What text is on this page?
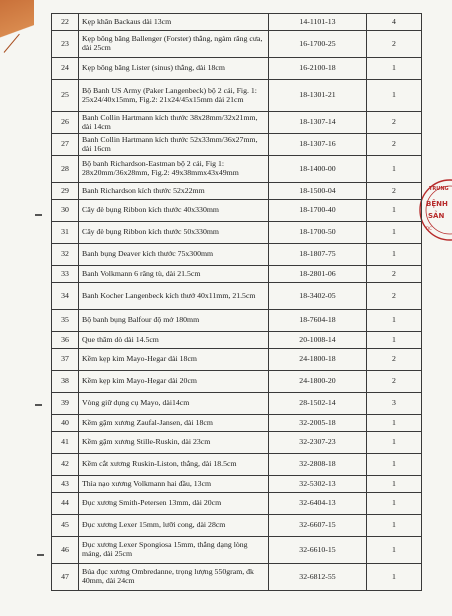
TRUNG
BỆNH
SẢN
DC
22	Kẹp khăn Backaus dài 13cm	14-1101-13	4
23	Kẹp bông băng Ballenger (Forster) thẳng, ngàm răng cưa, dài 25cm	16-1700-25	2
24	Kẹp bông băng Lister (sinus) thẳng, dài 18cm	16-2100-18	1
25	Bộ Banh US Army (Paker Langenbeck) bộ 2 cái, Fig. 1: 25x24/40x15mm, Fig.2: 21x24/45x15mm dài 21cm	18-1301-21	1
26	Banh Collin Hartmann kích thước 38x28mm/32x21mm, dài 14cm	18-1307-14	2
27	Banh Collin Hartmann kích thước 52x33mm/36x27mm, dài 16cm	18-1307-16	2
28	Bộ banh Richardson-Eastman bộ 2 cái, Fig 1: 28x20mm/36x28mm, Fig.2: 49x38mmx43x49mm	18-1400-00	1
29	Banh Richardson kích thước 52x22mm	18-1500-04	2
30	Cây đè bụng Ribbon kích thước 40x330mm	18-1700-40	1
31	Cây đè bụng Ribbon kích thước 50x330mm	18-1700-50	1
32	Banh bụng Deaver kích thước 75x300mm	18-1807-75	1
33	Banh Volkmann 6 răng tù, dài 21.5cm	18-2801-06	2
34	Banh Kocher Langenbeck kích thướ 40x11mm, 21.5cm	18-3402-05	2
35	Bộ banh bụng Balfour độ mở 180mm	18-7604-18	1
36	Que thăm dò dài 14.5cm	20-1008-14	1
37	Kềm kẹp kim Mayo-Hegar dài 18cm	24-1800-18	2
38	Kềm kẹp kim Mayo-Hegar dài 20cm	24-1800-20	2
39	Vòng giữ dụng cụ Mayo, dài14cm	28-1502-14	3
40	Kềm gặm xương Zaufal-Jansen, dài 18cm	32-2005-18	1
41	Kềm gặm xương Stille-Ruskin, dài 23cm	32-2307-23	1
42	Kềm cắt xương Ruskin-Liston, thẳng, dài 18.5cm	32-2808-18	1
43	Thìa nạo xương Volkmann hai đầu, 13cm	32-5302-13	1
44	Đục xương Smith-Petersen 13mm, dài 20cm	32-6404-13	1
45	Đục xương Lexer 15mm, lưỡi cong, dài 28cm	32-6607-15	1
46	Đục xương Lexer Spongiosa 15mm, thẳng dạng lòng máng, dài 25cm	32-6610-15	1
47	Búa đục xương Ombredanne, trọng lượng 550gram, đk 40mm, dài 24cm	32-6812-55	1
